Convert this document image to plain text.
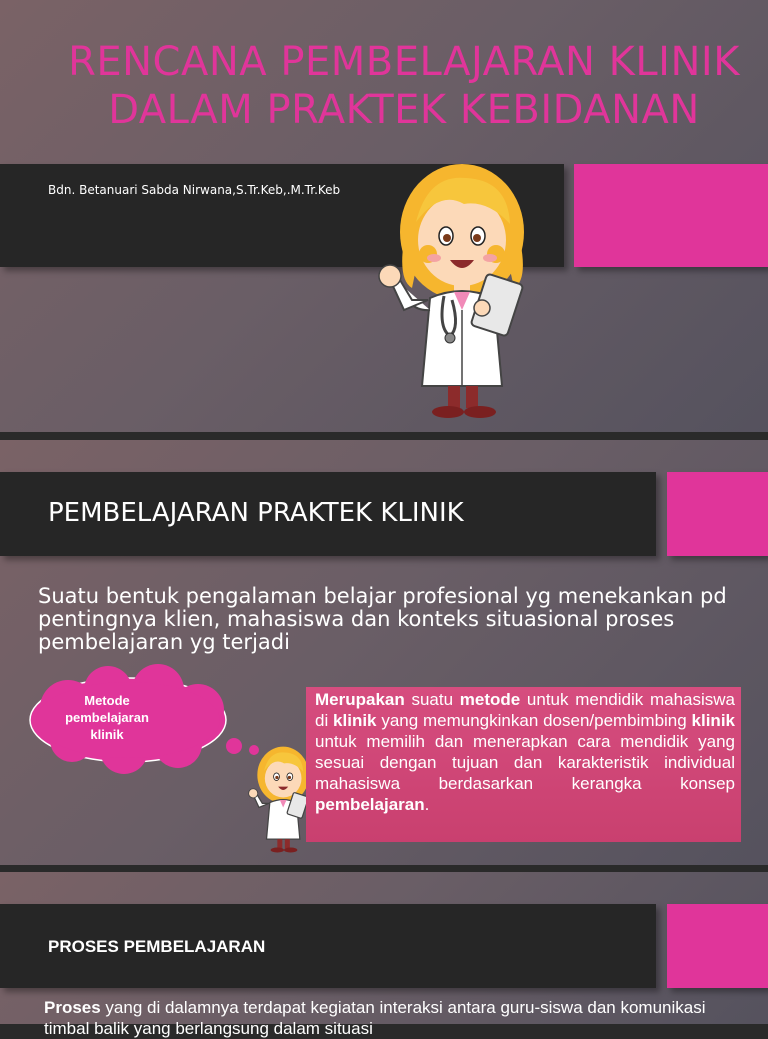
RENCANA PEMBELAJARAN KLINIK
DALAM PRAKTEK KEBIDANAN
Bdn. Betanuari Sabda Nirwana,S.Tr.Keb,.M.Tr.Keb
PEMBELAJARAN PRAKTEK KLINIK
Suatu bentuk pengalaman belajar profesional yg menekankan pd pentingnya klien, mahasiswa dan konteks situasional proses pembelajaran yg terjadi
Metode pembelajaran klinik
Merupakan suatu metode untuk mendidik mahasiswa di klinik yang memungkinkan dosen/pembimbing klinik untuk memilih dan menerapkan cara mendidik yang sesuai dengan tujuan dan karakteristik individual mahasiswa berdasarkan kerangka konsep pembelajaran.
PROSES PEMBELAJARAN
Proses yang di dalamnya terdapat kegiatan interaksi antara guru-siswa dan komunikasi timbal balik yang berlangsung dalam situasi
